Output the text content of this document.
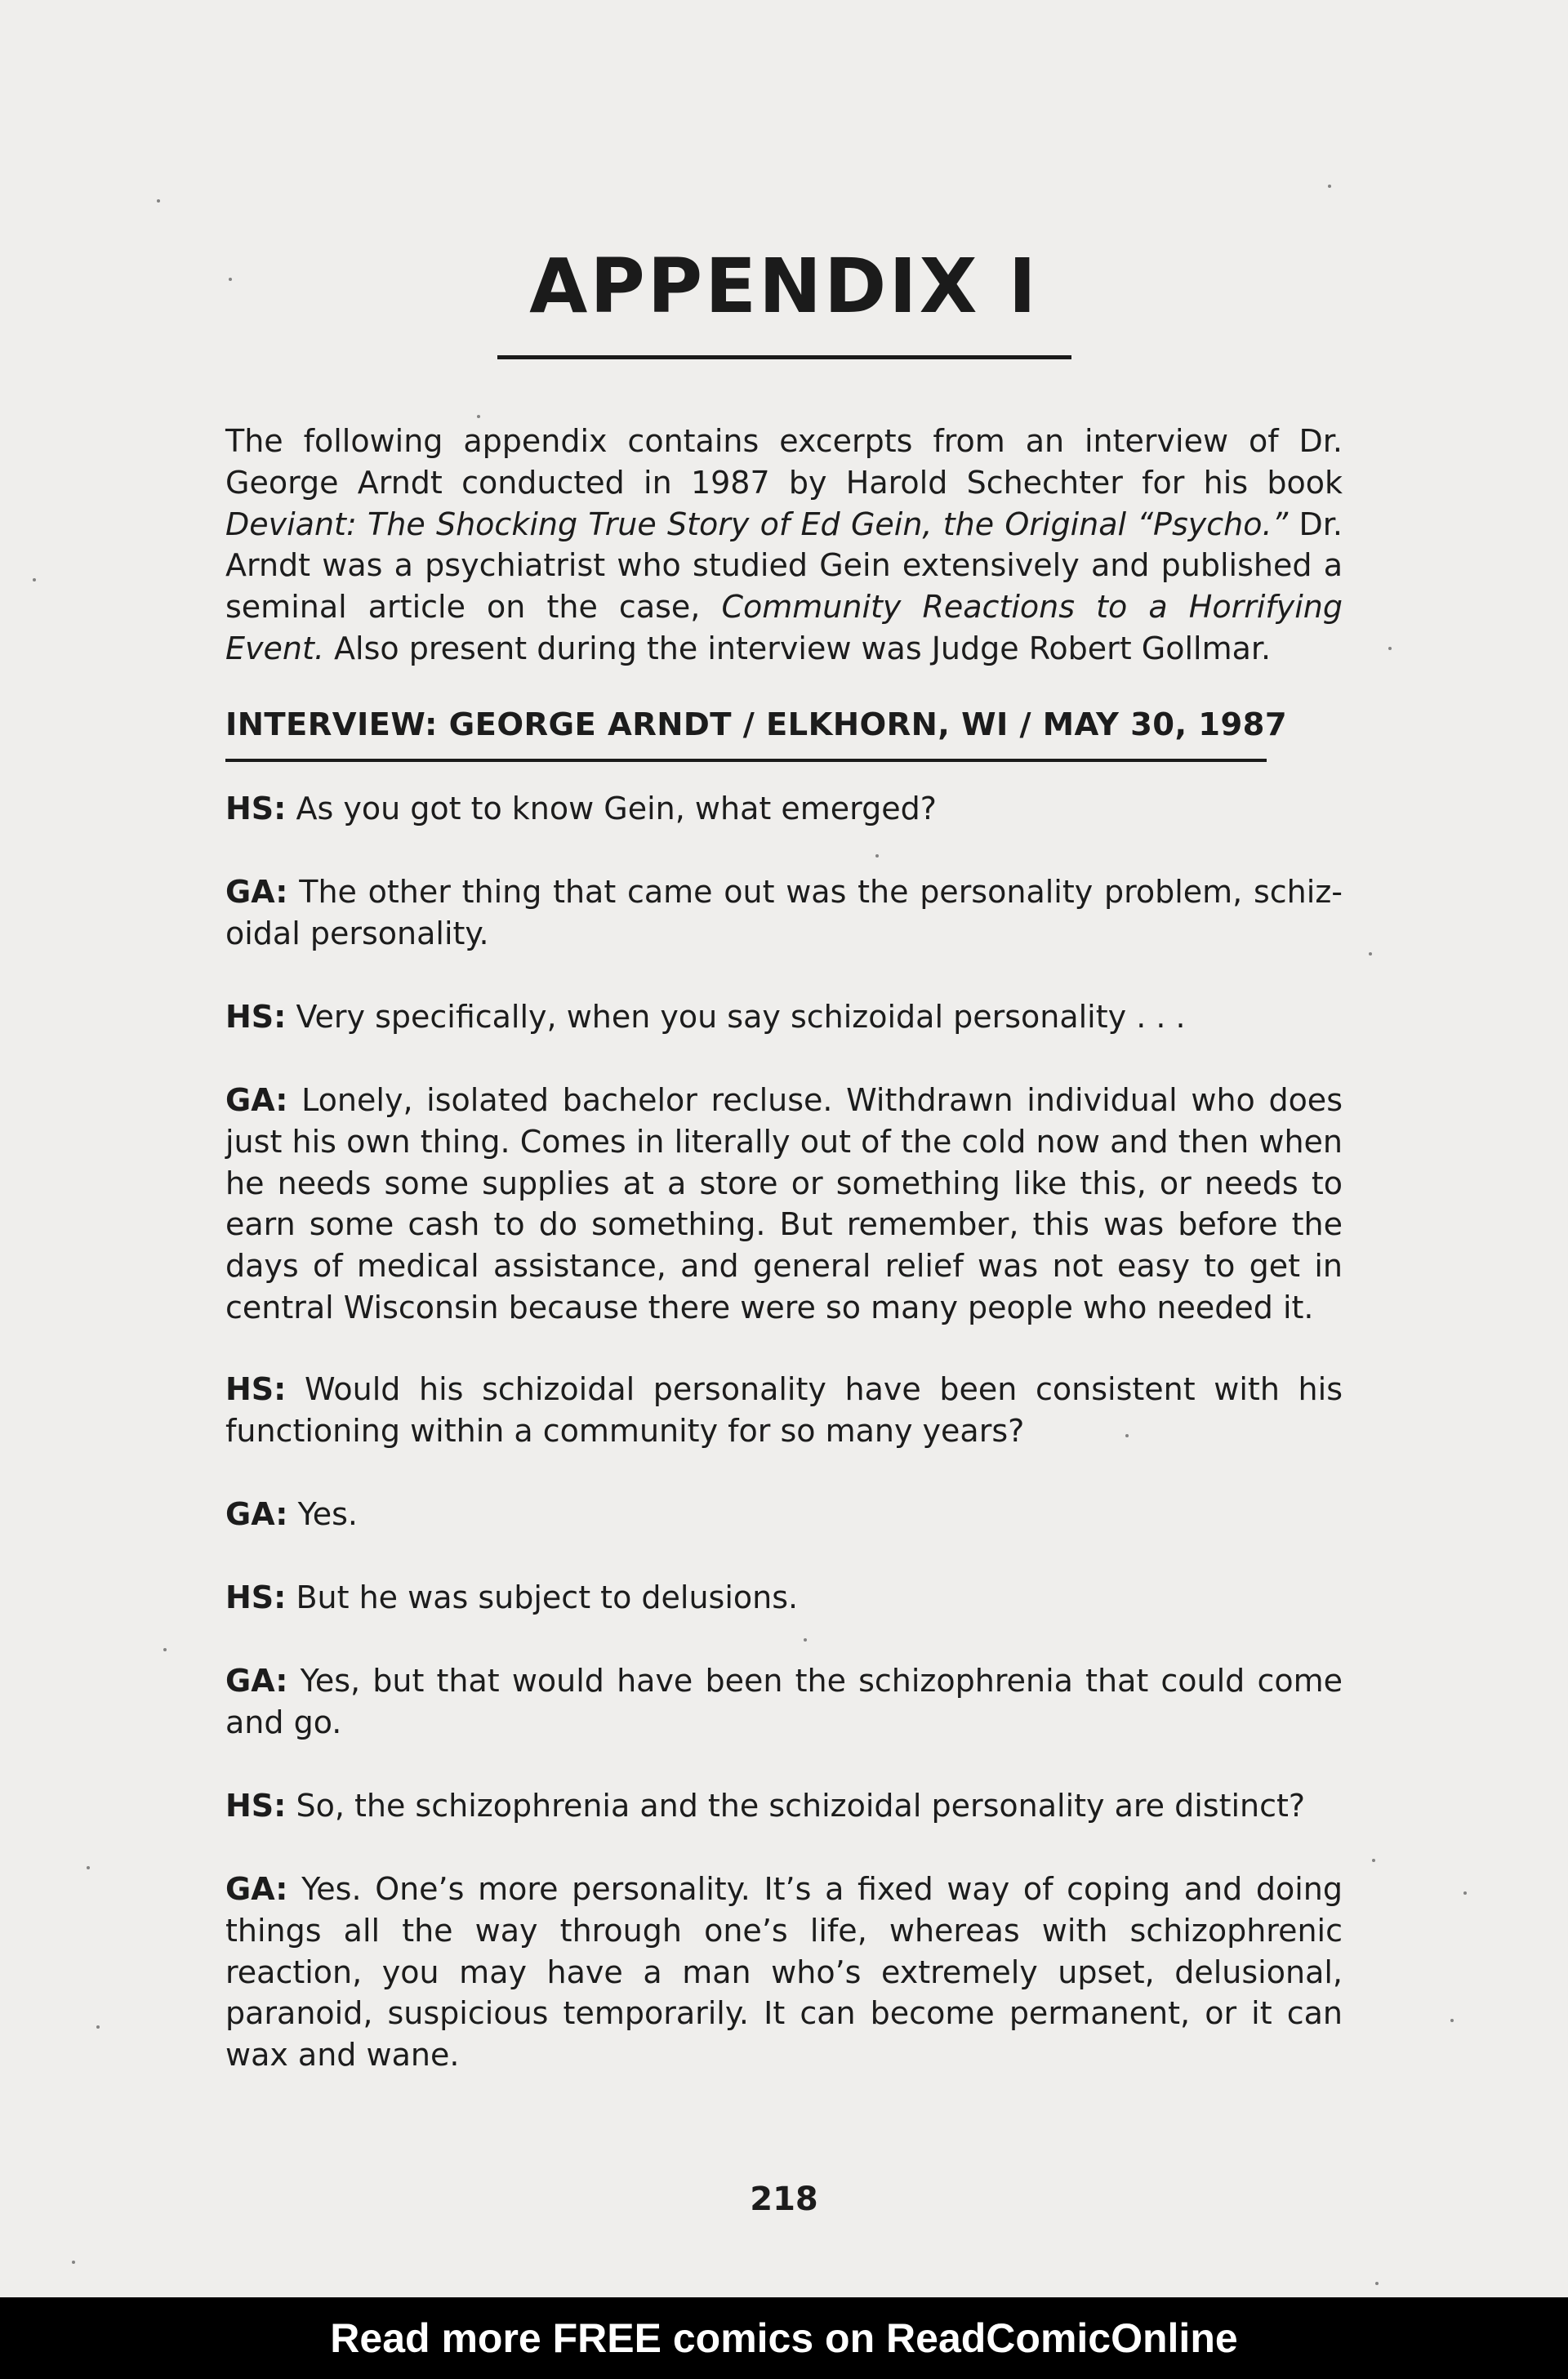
APPENDIX I

The following appendix contains excerpts from an interview of Dr. George Arndt conducted in 1987 by Harold Schechter for his book Deviant: The Shocking True Story of Ed Gein, the Original “Psycho.” Dr. Arndt was a psychiatrist who studied Gein extensively and published a seminal article on the case, Community Reactions to a Horrifying Event. Also present during the interview was Judge Robert Gollmar.

INTERVIEW: GEORGE ARNDT / ELKHORN, WI / MAY 30, 1987

HS: As you got to know Gein, what emerged?

GA: The other thing that came out was the personality problem, schizoidal personality.

HS: Very specifically, when you say schizoidal personality . . .

GA: Lonely, isolated bachelor recluse. Withdrawn individual who does just his own thing. Comes in literally out of the cold now and then when he needs some supplies at a store or something like this, or needs to earn some cash to do something. But remember, this was before the days of medical assistance, and general relief was not easy to get in central Wisconsin because there were so many people who needed it.

HS: Would his schizoidal personality have been consistent with his functioning within a community for so many years?

GA: Yes.

HS: But he was subject to delusions.

GA: Yes, but that would have been the schizophrenia that could come and go.

HS: So, the schizophrenia and the schizoidal personality are distinct?

GA: Yes. One’s more personality. It’s a fixed way of coping and doing things all the way through one’s life, whereas with schizophrenic reaction, you may have a man who’s extremely upset, delusional, paranoid, suspicious temporarily. It can become permanent, or it can wax and wane.

218
Read more FREE comics on ReadComicOnline
